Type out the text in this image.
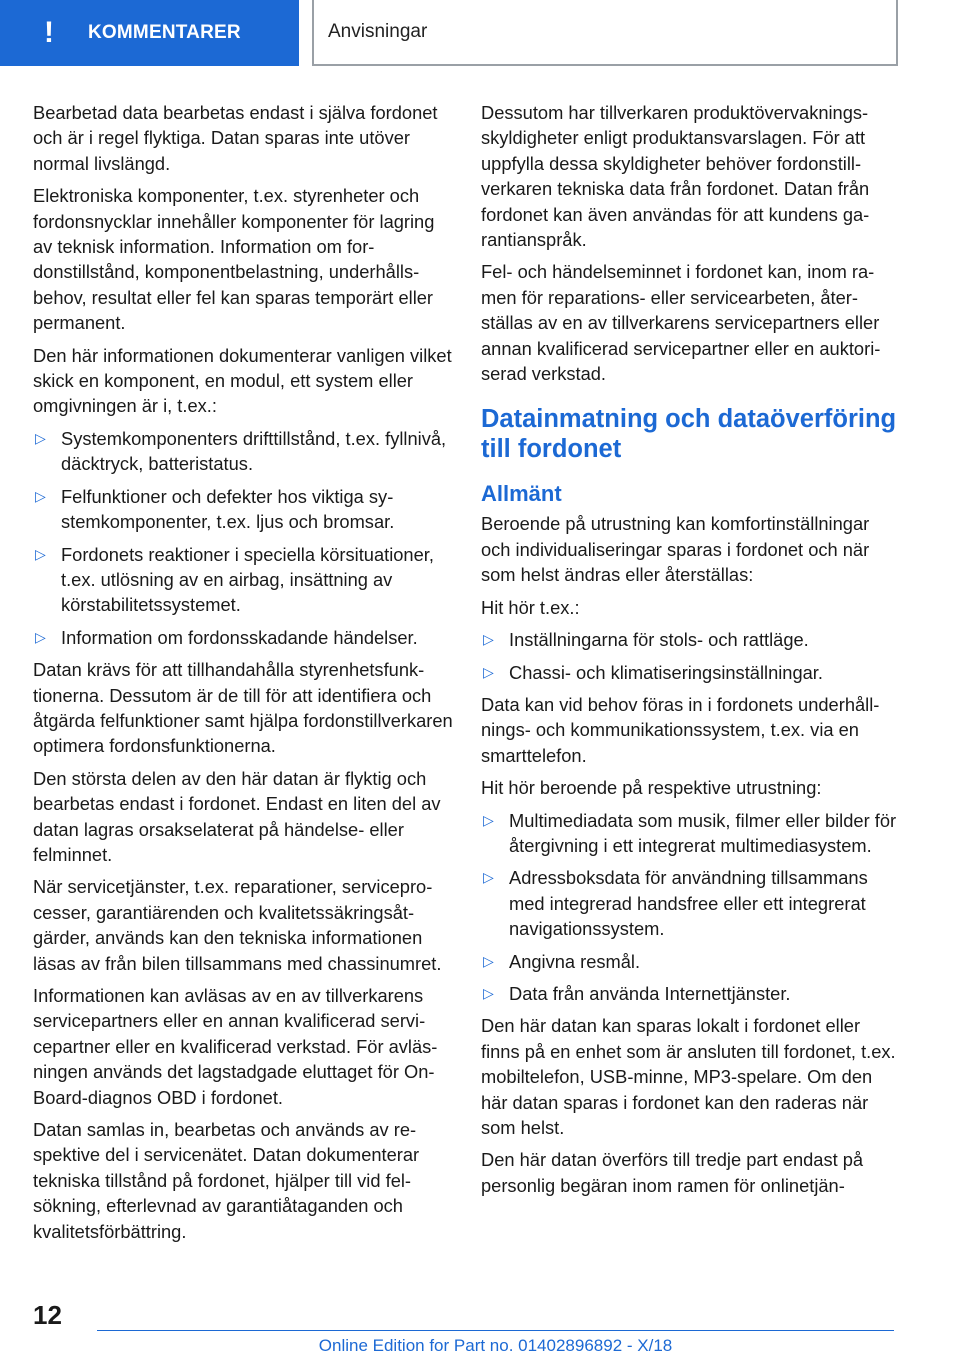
!	KOMMENTARER	Anvisningar

Bearbetad data bearbetas endast i själva fordonet och är i regel flyktiga. Datan sparas inte utöver normal livslängd.

Elektroniska komponenter, t.ex. styrenheter och fordonsnycklar innehåller komponenter för lagring av teknisk information. Information om fordonstillstånd, komponentbelastning, underhållsbehov, resultat eller fel kan sparas temporärt eller permanent.

Den här informationen dokumenterar vanligen vilket skick en komponent, en modul, ett system eller omgivningen är i, t.ex.:

▷ Systemkomponenters drifttillstånd, t.ex. fyllnivå, däcktryck, batteristatus.
▷ Felfunktioner och defekter hos viktiga systemkomponenter, t.ex. ljus och bromsar.
▷ Fordonets reaktioner i speciella körsituationer, t.ex. utlösning av en airbag, insättning av körstabilitetssystemet.
▷ Information om fordonsskadande händelser.

Datan krävs för att tillhandahålla styrenhetsfunktionerna. Dessutom är de till för att identifiera och åtgärda felfunktioner samt hjälpa fordonstillverkaren optimera fordonsfunktionerna.

Den största delen av den här datan är flyktig och bearbetas endast i fordonet. Endast en liten del av datan lagras orsakselaterat på händelse- eller felminnet.

När servicetjänster, t.ex. reparationer, serviceprocesser, garantiärenden och kvalitetssäkringsåtgärder, används kan den tekniska informationen läsas av från bilen tillsammans med chassinumret.

Informationen kan avläsas av en av tillverkarens servicepartners eller en annan kvalificerad servicepartner eller en kvalificerad verkstad. För avläsningen används det lagstadgade eluttaget för On-Board-diagnos OBD i fordonet.

Datan samlas in, bearbetas och används av respektive del i servicenätet. Datan dokumenterar tekniska tillstånd på fordonet, hjälper till vid felsökning, efterlevnad av garantiåtaganden och kvalitetsförbättring.

Dessutom har tillverkaren produktövervakningsskyldigheter enligt produktansvarslagen. För att uppfylla dessa skyldigheter behöver fordonstillverkaren tekniska data från fordonet. Datan från fordonet kan även användas för att kundens garantianspråk.

Fel- och händelseminnet i fordonet kan, inom ramen för reparations- eller servicearbeten, återställas av en av tillverkarens servicepartners eller annan kvalificerad servicepartner eller en auktoriserad verkstad.

Datainmatning och dataöverföring till fordonet
Allmänt

Beroende på utrustning kan komfortinställningar och individualiseringar sparas i fordonet och när som helst ändras eller återställas:

Hit hör t.ex.:

▷ Inställningarna för stols- och rattläge.
▷ Chassi- och klimatiseringsinställningar.

Data kan vid behov föras in i fordonets underhållnings- och kommunikationssystem, t.ex. via en smarttelefon.

Hit hör beroende på respektive utrustning:

▷ Multimediadata som musik, filmer eller bilder för återgivning i ett integrerat multimediasystem.
▷ Adressboksdata för användning tillsammans med integrerad handsfree eller ett integrerat navigationssystem.
▷ Angivna resmål.
▷ Data från använda Internettjänster.

Den här datan kan sparas lokalt i fordonet eller finns på en enhet som är ansluten till fordonet, t.ex. mobiltelefon, USB-minne, MP3-spelare. Om den här datan sparas i fordonet kan den raderas när som helst.

Den här datan överförs till tredje part endast på personlig begäran inom ramen för onlinetjän-

12
Online Edition for Part no. 01402896892 - X/18
